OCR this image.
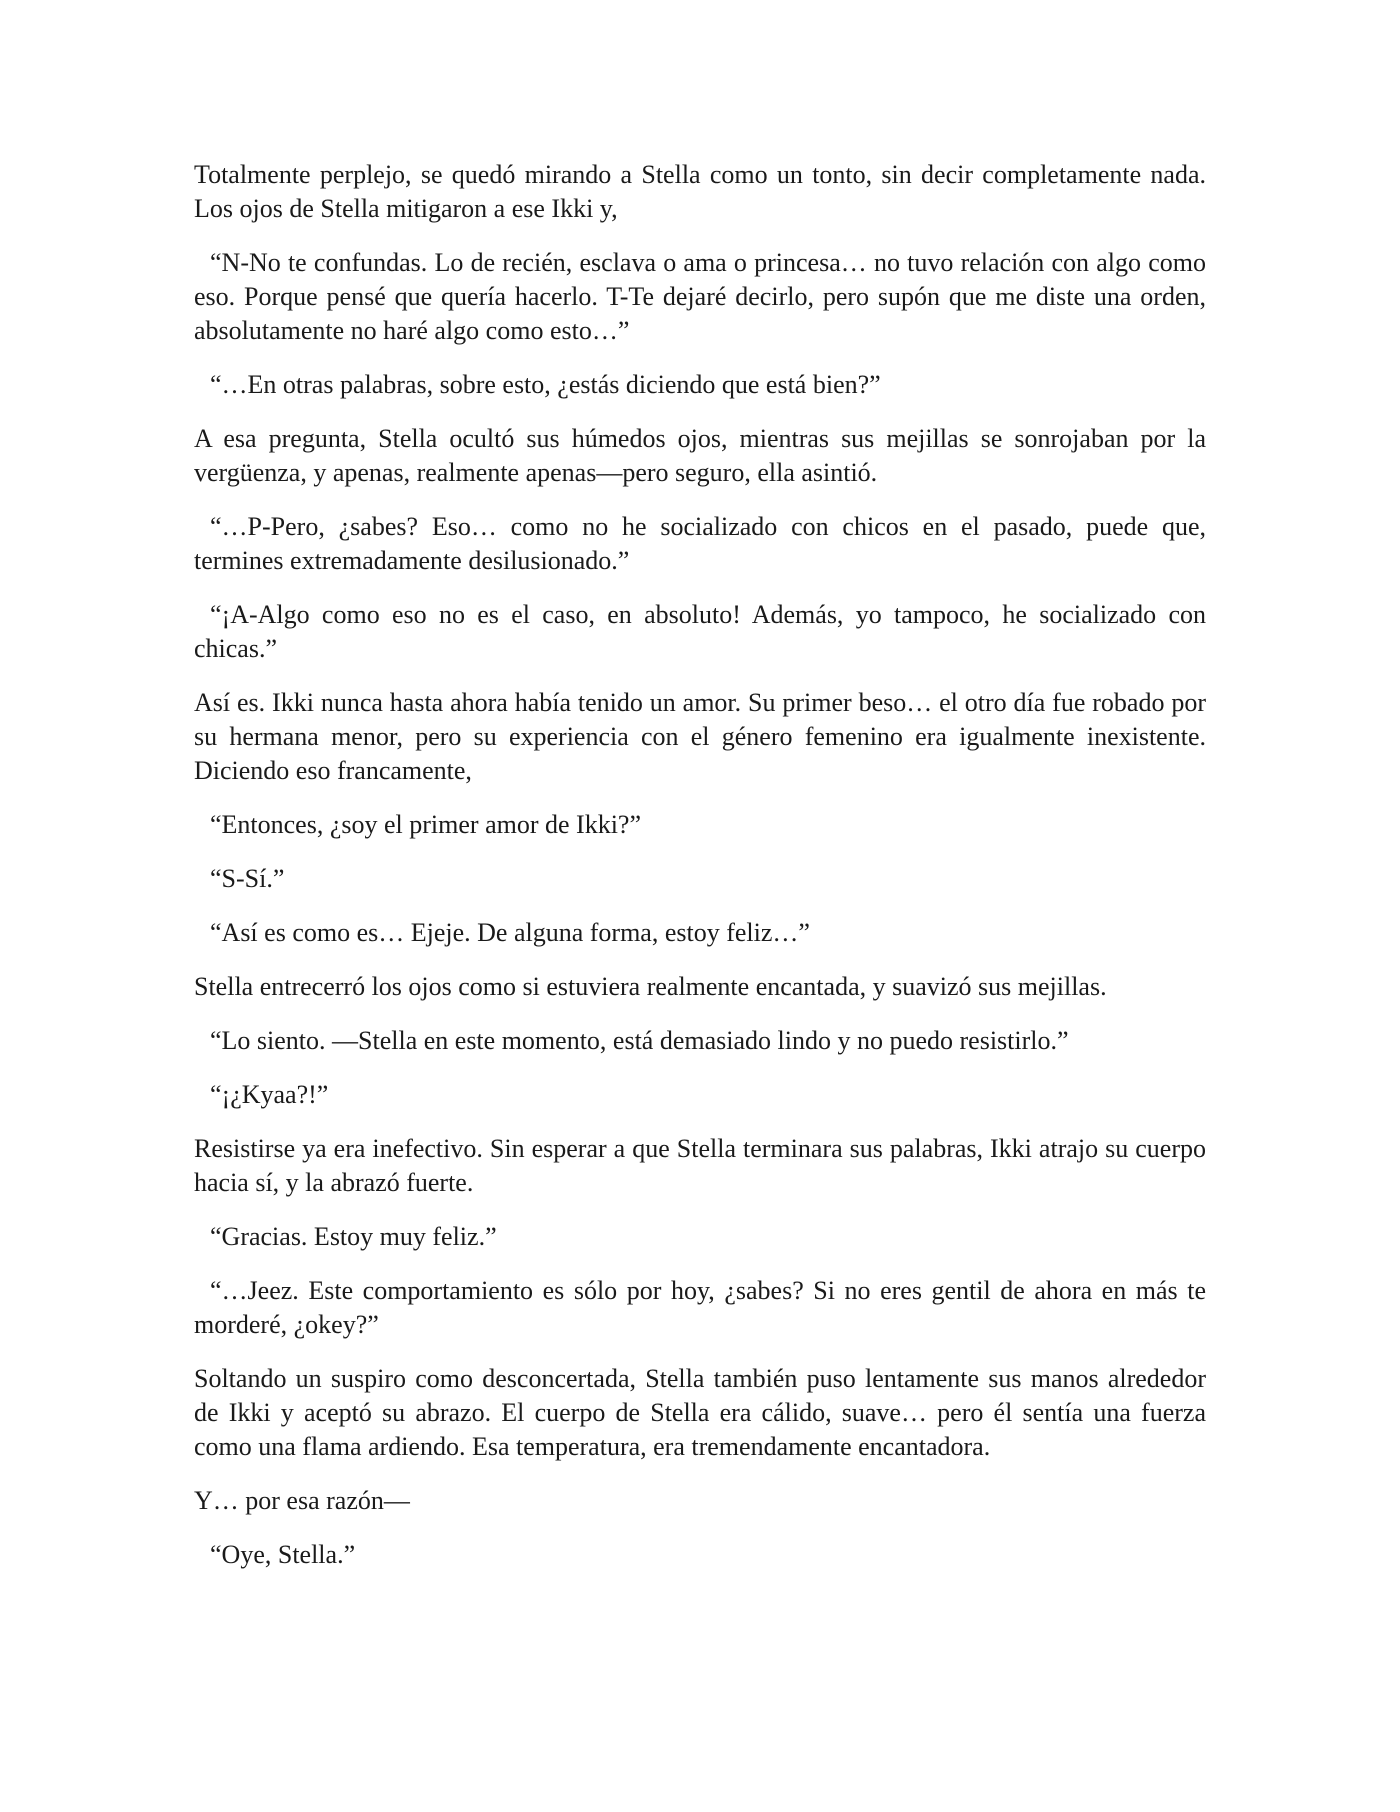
Totalmente perplejo, se quedó mirando a Stella como un tonto, sin decir completamente nada. Los ojos de Stella mitigaron a ese Ikki y,

“N-No te confundas. Lo de recién, esclava o ama o princesa… no tuvo relación con algo como eso. Porque pensé que quería hacerlo. T-Te dejaré decirlo, pero supón que me diste una orden, absolutamente no haré algo como esto…”

“…En otras palabras, sobre esto, ¿estás diciendo que está bien?”

A esa pregunta, Stella ocultó sus húmedos ojos, mientras sus mejillas se sonrojaban por la vergüenza, y apenas, realmente apenas—pero seguro, ella asintió.

“…P-Pero, ¿sabes? Eso… como no he socializado con chicos en el pasado, puede que, termines extremadamente desilusionado.”

“¡A-Algo como eso no es el caso, en absoluto! Además, yo tampoco, he socializado con chicas.”

Así es. Ikki nunca hasta ahora había tenido un amor. Su primer beso… el otro día fue robado por su hermana menor, pero su experiencia con el género femenino era igualmente inexistente. Diciendo eso francamente,

“Entonces, ¿soy el primer amor de Ikki?”

“S-Sí.”

“Así es como es… Ejeje. De alguna forma, estoy feliz…”

Stella entrecerró los ojos como si estuviera realmente encantada, y suavizó sus mejillas.

“Lo siento. —Stella en este momento, está demasiado lindo y no puedo resistirlo.”

“¡¿Kyaa?!”

Resistirse ya era inefectivo. Sin esperar a que Stella terminara sus palabras, Ikki atrajo su cuerpo hacia sí, y la abrazó fuerte.

“Gracias. Estoy muy feliz.”

“…Jeez. Este comportamiento es sólo por hoy, ¿sabes? Si no eres gentil de ahora en más te morderé, ¿okey?”

Soltando un suspiro como desconcertada, Stella también puso lentamente sus manos alrededor de Ikki y aceptó su abrazo. El cuerpo de Stella era cálido, suave… pero él sentía una fuerza como una flama ardiendo. Esa temperatura, era tremendamente encantadora.

Y… por esa razón—

“Oye, Stella.”
